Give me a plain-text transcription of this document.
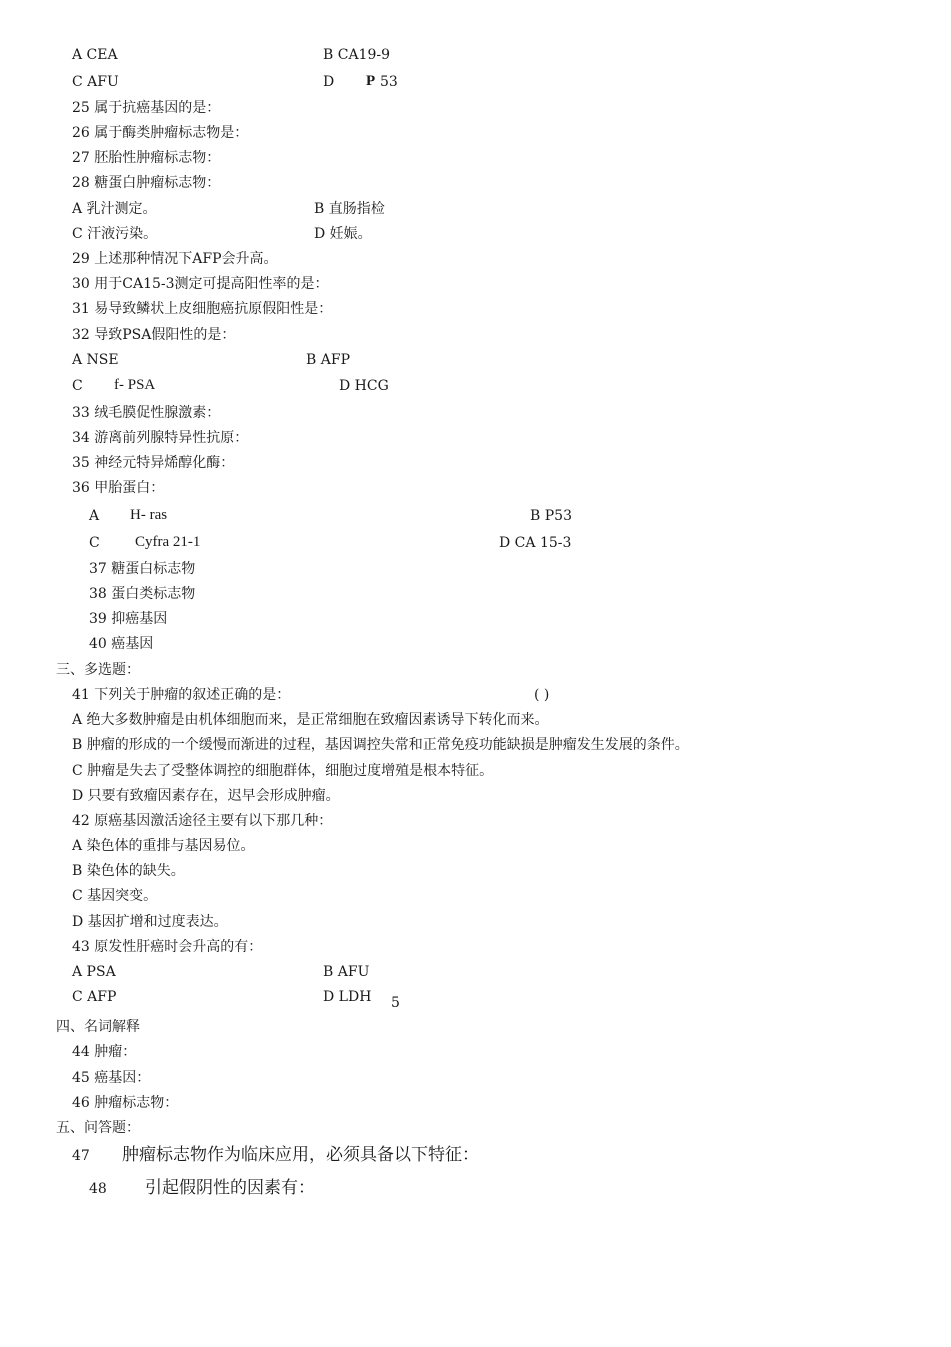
A CEA	B CA19-9
C AFU	D P 53
25 属于抗癌基因的是：
26 属于酶类肿瘤标志物是：
27 胚胎性肿瘤标志物：
28 糖蛋白肿瘤标志物：
A 乳汁测定。	B 直肠指检
C 汗液污染。	D 妊娠。
29 上述那种情况下AFP会升高。
30 用于CA15-3测定可提高阳性率的是：
31 易导致鳞状上皮细胞癌抗原假阳性是：
32 导致PSA假阳性的是：
A NSE	B AFP
C f- PSA	D HCG
33 绒毛膜促性腺激素：
34 游离前列腺特异性抗原：
35 神经元特异烯醇化酶：
36 甲胎蛋白：
A H- ras	B P53
C Cyfra 21-1	D CA 15-3
37 糖蛋白标志物
38 蛋白类标志物
39 抑癌基因
40 癌基因
三、多选题：
41 下列关于肿瘤的叙述正确的是：	( )
A 绝大多数肿瘤是由机体细胞而来，是正常细胞在致瘤因素诱导下转化而来。
B 肿瘤的形成的一个缓慢而渐进的过程，基因调控失常和正常免疫功能缺损是肿瘤发生发展的条件。
C 肿瘤是失去了受整体调控的细胞群体，细胞过度增殖是根本特征。
D 只要有致瘤因素存在，迟早会形成肿瘤。
42 原癌基因激活途径主要有以下那几种：
A 染色体的重排与基因易位。
B 染色体的缺失。
C 基因突变。
D 基因扩增和过度表达。
43 原发性肝癌时会升高的有：
A PSA	B AFU
C AFP	D LDH 5
四、名词解释
44 肿瘤：
45 癌基因：
46 肿瘤标志物：
五、问答题：
47 肿瘤标志物作为临床应用，必须具备以下特征：
48 引起假阴性的因素有：
